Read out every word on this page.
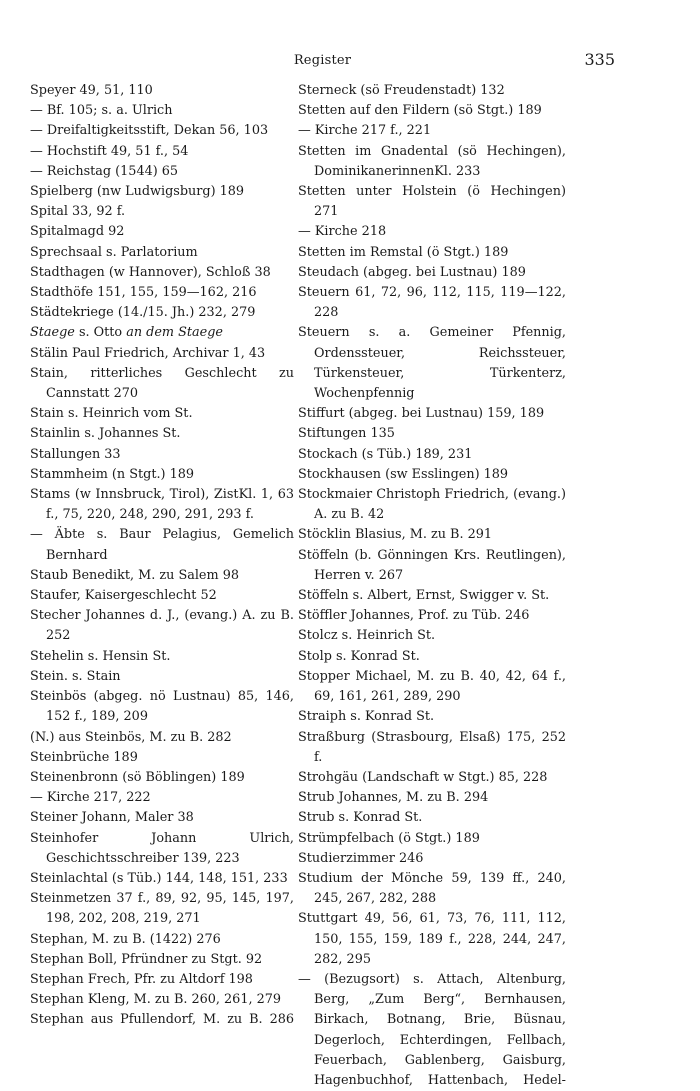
Register	335
Speyer 49, 51, 110
— Bf. 105; s. a. Ulrich
— Dreifaltigkeitsstift, Dekan 56, 103
— Hochstift 49, 51 f., 54
— Reichstag (1544) 65
Spielberg (nw Ludwigsburg) 189
Spital 33, 92 f.
Spitalmagd 92
Sprechsaal s. Parlatorium
Stadthagen (w Hannover), Schloß 38
Stadthöfe 151, 155, 159—162, 216
Städtekriege (14./15. Jh.) 232, 279
Staege s. Otto an dem Staege
Stälin Paul Friedrich, Archivar 1, 43
Stain, ritterliches Geschlecht zu Cannstatt 270
Stain s. Heinrich vom St.
Stainlin s. Johannes St.
Stallungen 33
Stammheim (n Stgt.) 189
Stams (w Innsbruck, Tirol), ZistKl. 1, 63 f., 75, 220, 248, 290, 291, 293 f.
— Äbte s. Baur Pelagius, Gemelich Bernhard
Staub Benedikt, M. zu Salem 98
Staufer, Kaisergeschlecht 52
Stecher Johannes d. J., (evang.) A. zu B. 252
Stehelin s. Hensin St.
Stein. s. Stain
Steinbös (abgeg. nö Lustnau) 85, 146, 152 f., 189, 209
(N.) aus Steinbös, M. zu B. 282
Steinbrüche 189
Steinenbronn (sö Böblingen) 189
— Kirche 217, 222
Steiner Johann, Maler 38
Steinhofer Johann Ulrich, Geschichtsschreiber 139, 223
Steinlachtal (s Tüb.) 144, 148, 151, 233
Steinmetzen 37 f., 89, 92, 95, 145, 197, 198, 202, 208, 219, 271
Stephan, M. zu B. (1422) 276
Stephan Boll, Pfründner zu Stgt. 92
Stephan Frech, Pfr. zu Altdorf 198
Stephan Kleng, M. zu B. 260, 261, 279
Stephan aus Pfullendorf, M. zu B. 286
Sterneck (sö Freudenstadt) 132
Stetten auf den Fildern (sö Stgt.) 189
— Kirche 217 f., 221
Stetten im Gnadental (sö Hechingen), DominikanerinnenKl. 233
Stetten unter Holstein (ö Hechingen) 271
— Kirche 218
Stetten im Remstal (ö Stgt.) 189
Steudach (abgeg. bei Lustnau) 189
Steuern 61, 72, 96, 112, 115, 119—122, 228
Steuern s. a. Gemeiner Pfennig, Ordenssteuer, Reichssteuer, Türkensteuer, Türkenterz, Wochenpfennig
Stiffurt (abgeg. bei Lustnau) 159, 189
Stiftungen 135
Stockach (s Tüb.) 189, 231
Stockhausen (sw Esslingen) 189
Stockmaier Christoph Friedrich, (evang.) A. zu B. 42
Stöcklin Blasius, M. zu B. 291
Stöffeln (b. Gönningen Krs. Reutlingen), Herren v. 267
Stöffeln s. Albert, Ernst, Swigger v. St.
Stöffler Johannes, Prof. zu Tüb. 246
Stolcz s. Heinrich St.
Stolp s. Konrad St.
Stopper Michael, M. zu B. 40, 42, 64 f., 69, 161, 261, 289, 290
Straiph s. Konrad St.
Straßburg (Strasbourg, Elsaß) 175, 252 f.
Strohgäu (Landschaft w Stgt.) 85, 228
Strub Johannes, M. zu B. 294
Strub s. Konrad St.
Strümpfelbach (ö Stgt.) 189
Studierzimmer 246
Studium der Mönche 59, 139 ff., 240, 245, 267, 282, 288
Stuttgart 49, 56, 61, 73, 76, 111, 112, 150, 155, 159, 189 f., 228, 244, 247, 282, 295
— (Bezugsort) s. Attach, Altenburg, Berg, „Zum Berg“, Bernhausen, Birkach, Botnang, Brie, Büsnau, Degerloch, Echterdingen, Fellbach, Feuerbach, Gablenberg, Gaisburg, Hagenbuchhof, Hattenbach, Hedel-
